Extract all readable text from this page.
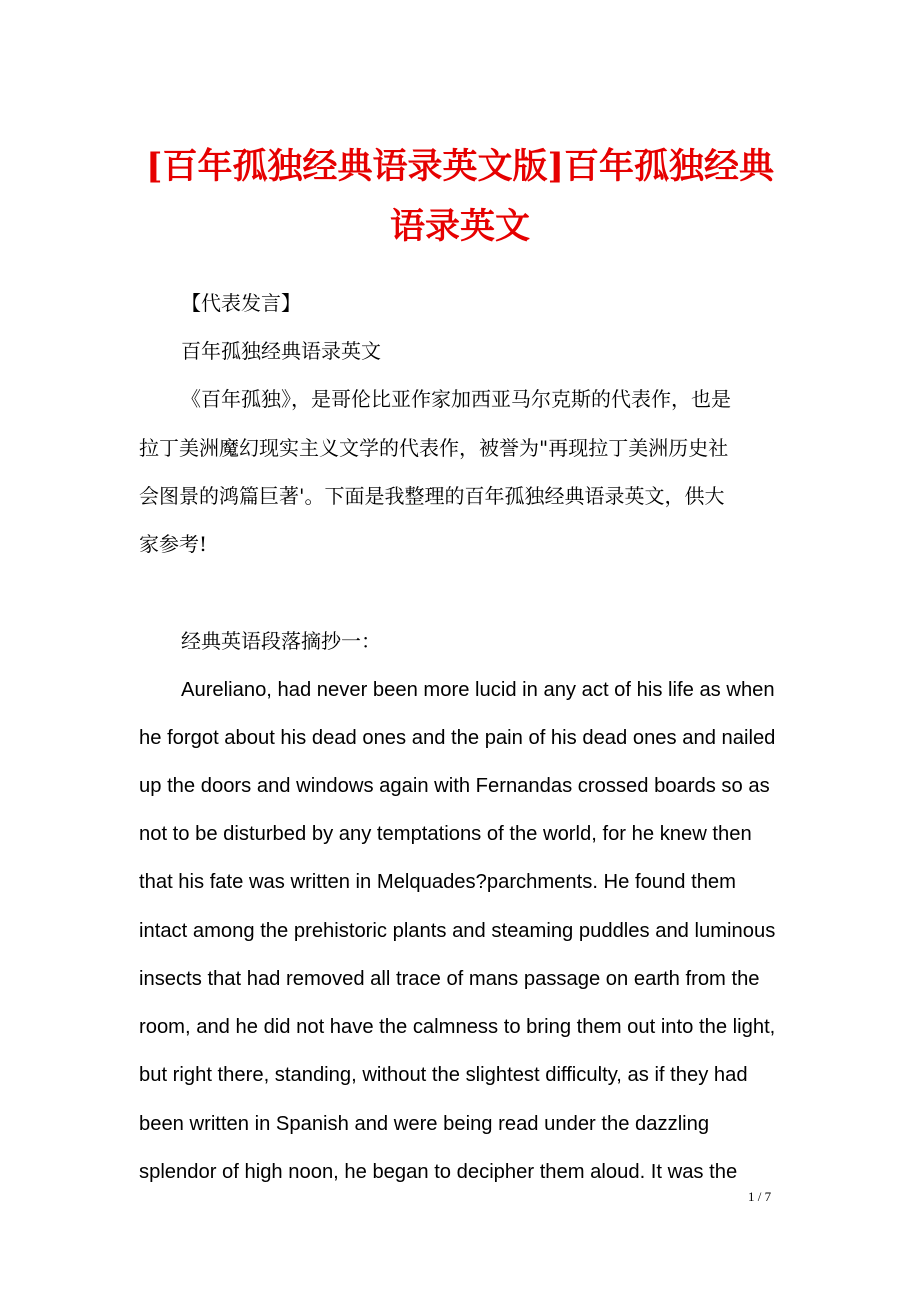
[百年孤独经典语录英文版]百年孤独经典
语录英文

【代表发言】

百年孤独经典语录英文

《百年孤独》，是哥伦比亚作家加西亚马尔克斯的代表作，也是

拉丁美洲魔幻现实主义文学的代表作，被誉为"再现拉丁美洲历史社

会图景的鸿篇巨著'。下面是我整理的百年孤独经典语录英文，供大

家参考!

经典英语段落摘抄一：

Aureliano, had never been more lucid in any act of his life as when

he forgot about his dead ones and the pain of his dead ones and nailed

up the doors and windows again with Fernandas crossed boards so as

not to be disturbed by any temptations of the world, for he knew then

that his fate was written in Melquades?parchments. He found them

intact among the prehistoric plants and steaming puddles and luminous

insects that had removed all trace of mans passage on earth from the

room, and he did not have the calmness to bring them out into the light,

but right there, standing, without the slightest difficulty, as if they had

been written in Spanish and were being read under the dazzling

splendor of high noon, he began to decipher them aloud. It was the

1 / 7
